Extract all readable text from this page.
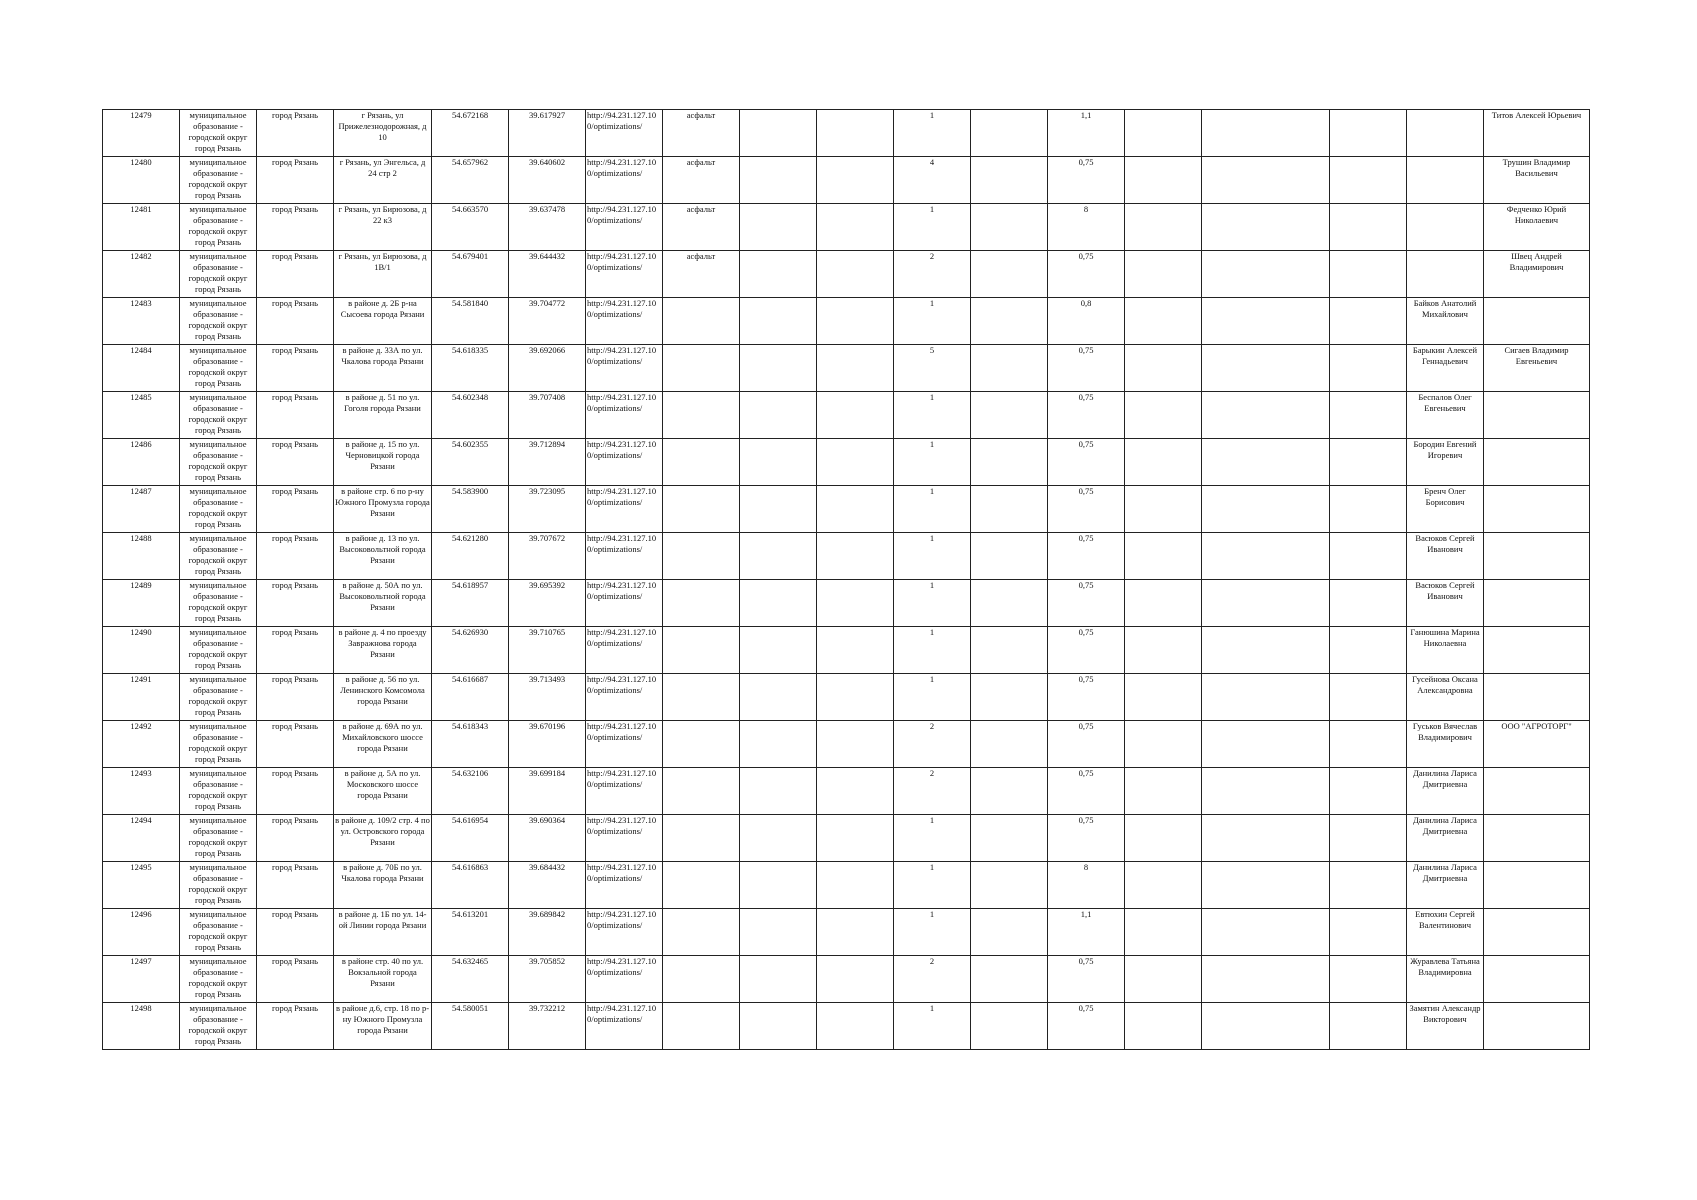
12479	муниципальное образование - городской округ город Рязань	город Рязань	г Рязань, ул Прижелезнодорожная, д 10	54.672168	39.617927	http://94.231.127.10 0/optimizations/	асфальт			1		1,1					Титов Алексей Юрьевич
12480	муниципальное образование - городской округ город Рязань	город Рязань	г Рязань, ул Энгельса, д 24 стр 2	54.657962	39.640602	http://94.231.127.10 0/optimizations/	асфальт			4		0,75					Трушин Владимир Васильевич
12481	муниципальное образование - городской округ город Рязань	город Рязань	г Рязань, ул Бирюзова, д 22 к3	54.663570	39.637478	http://94.231.127.10 0/optimizations/	асфальт			1		8					Федченко Юрий Николаевич
12482	муниципальное образование - городской округ город Рязань	город Рязань	г Рязань, ул Бирюзова, д 1В/1	54.679401	39.644432	http://94.231.127.10 0/optimizations/	асфальт			2		0,75					Швец Андрей Владимирович
12483	муниципальное образование - городской округ город Рязань	город Рязань	в районе д. 2Б р-на Сысоева города Рязани	54.581840	39.704772	http://94.231.127.10 0/optimizations/				1		0,8				Байков Анатолий Михайлович	
12484	муниципальное образование - городской округ город Рязань	город Рязань	в районе д. 33А по ул. Чкалова города Рязани	54.618335	39.692066	http://94.231.127.10 0/optimizations/				5		0,75				Барыкин Алексей Геннадьевич	Сигаев Владимир Евгеньевич
12485	муниципальное образование - городской округ город Рязань	город Рязань	в районе д. 51 по ул. Гоголя города Рязани	54.602348	39.707408	http://94.231.127.10 0/optimizations/				1		0,75				Беспалов Олег Евгеньевич	
12486	муниципальное образование - городской округ город Рязань	город Рязань	в районе д. 15 по ул. Черновицкой города Рязани	54.602355	39.712894	http://94.231.127.10 0/optimizations/				1		0,75				Бородин Евгений Игоревич	
12487	муниципальное образование - городской округ город Рязань	город Рязань	в районе стр. 6 по р-ну Южного Промузла города Рязани	54.583900	39.723095	http://94.231.127.10 0/optimizations/				1		0,75				Бренч Олег Борисович	
12488	муниципальное образование - городской округ город Рязань	город Рязань	в районе д. 13 по ул. Высоковольтной города Рязани	54.621280	39.707672	http://94.231.127.10 0/optimizations/				1		0,75				Васюков Сергей Иванович	
12489	муниципальное образование - городской округ город Рязань	город Рязань	в районе д. 50А по ул. Высоковольтной города Рязани	54.618957	39.695392	http://94.231.127.10 0/optimizations/				1		0,75				Васюков Сергей Иванович	
12490	муниципальное образование - городской округ город Рязань	город Рязань	в районе д. 4 по проезду Завражнова города Рязани	54.626930	39.710765	http://94.231.127.10 0/optimizations/				1		0,75				Ганюшина Марина Николаевна	
12491	муниципальное образование - городской округ город Рязань	город Рязань	в районе д. 56 по ул. Ленинского Комсомола города Рязани	54.616687	39.713493	http://94.231.127.10 0/optimizations/				1		0,75				Гусейнова Оксана Александровна	
12492	муниципальное образование - городской округ город Рязань	город Рязань	в районе д. 69А по ул. Михайловского шоссе города Рязани	54.618343	39.670196	http://94.231.127.10 0/optimizations/				2		0,75				Гуськов Вячеслав Владимирович	ООО "АГРОТОРГ"
12493	муниципальное образование - городской округ город Рязань	город Рязань	в районе д. 5А по ул. Московского шоссе города Рязани	54.632106	39.699184	http://94.231.127.10 0/optimizations/				2		0,75				Данилина Лариса Дмитриевна	
12494	муниципальное образование - городской округ город Рязань	город Рязань	в районе д. 109/2 стр. 4 по ул. Островского города Рязани	54.616954	39.690364	http://94.231.127.10 0/optimizations/				1		0,75				Данилина Лариса Дмитриевна	
12495	муниципальное образование - городской округ город Рязань	город Рязань	в районе д. 70Б по ул. Чкалова города Рязани	54.616863	39.684432	http://94.231.127.10 0/optimizations/				1		8				Данилина Лариса Дмитриевна	
12496	муниципальное образование - городской округ город Рязань	город Рязань	в районе д. 1Б по ул. 14-ой Линии города Рязани	54.613201	39.689842	http://94.231.127.10 0/optimizations/				1		1,1				Евтюхин Сергей Валентинович	
12497	муниципальное образование - городской округ город Рязань	город Рязань	в районе стр. 40 по ул. Вокзальной города Рязани	54.632465	39.705852	http://94.231.127.10 0/optimizations/				2		0,75				Журавлева Татьяна Владимировна	
12498	муниципальное образование - городской округ город Рязань	город Рязань	в районе д.6, стр. 18 по р-ну Южного Промузла города Рязани	54.580051	39.732212	http://94.231.127.10 0/optimizations/				1		0,75				Замятин Александр Викторович	
